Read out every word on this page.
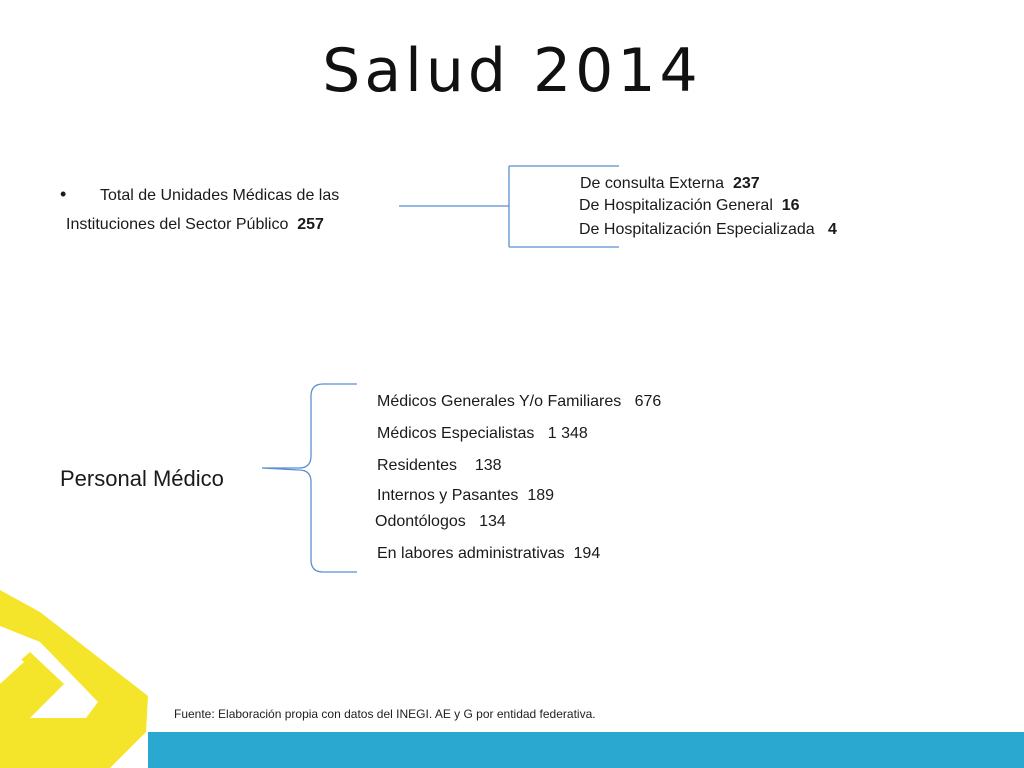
Salud 2014
• Total de Unidades Médicas de las
Instituciones del Sector Público 257
De consulta Externa 237
De Hospitalización General 16
De Hospitalización Especializada 4
Personal Médico
Médicos Generales Y/o Familiares 676
Médicos Especialistas 1 348
Residentes 138
Internos y Pasantes 189
Odontólogos 134
En labores administrativas 194
Fuente: Elaboración propia con datos del INEGI. AE y G por entidad federativa.
